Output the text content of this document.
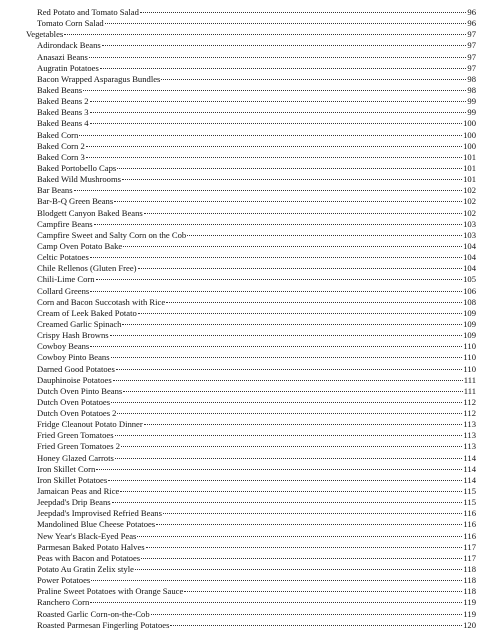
Red Potato and Tomato Salad	96
Tomato Corn Salad	96
Vegetables	97
Adirondack Beans	97
Anasazi Beans	97
Augratin Potatoes	97
Bacon Wrapped Asparagus Bundles	98
Baked Beans	98
Baked Beans 2	99
Baked Beans 3	99
Baked Beans 4	100
Baked Corn	100
Baked Corn 2	100
Baked Corn 3	101
Baked Portobello Caps	101
Baked Wild Mushrooms	101
Bar Beans	102
Bar-B-Q Green Beans	102
Blodgett Canyon Baked Beans	102
Campfire Beans	103
Campfire Sweet and Salty Corn on the Cob	103
Camp Oven Potato Bake	104
Celtic Potatoes	104
Chile Rellenos (Gluten Free)	104
Chili-Lime Corn	105
Collard Greens	106
Corn and Bacon Succotash with Rice	108
Cream of Leek Baked Potato	109
Creamed Garlic Spinach	109
Crispy Hash Browns	109
Cowboy Beans	110
Cowboy Pinto Beans	110
Darned Good Potatoes	110
Dauphinoise Potatoes	111
Dutch Oven Pinto Beans	111
Dutch Oven Potatoes	112
Dutch Oven Potatoes 2	112
Fridge Cleanout Potato Dinner	113
Fried Green Tomatoes	113
Fried Green Tomatoes 2	113
Honey Glazed Carrots	114
Iron Skillet Corn	114
Iron Skillet Potatoes	114
Jamaican Peas and Rice	115
Jeepdad's Drip Beans	115
Jeepdad's Improvised Refried Beans	116
Mandolined Blue Cheese Potatoes	116
New Year's Black-Eyed Peas	116
Parmesan Baked Potato Halves	117
Peas with Bacon and Potatoes	117
Potato Au Gratin Zelix style	118
Power Potatoes	118
Praline Sweet Potatoes with Orange Sauce	118
Ranchero Corn	119
Roasted Garlic Corn-on-the-Cob	119
Roasted Parmesan Fingerling Potatoes	120
